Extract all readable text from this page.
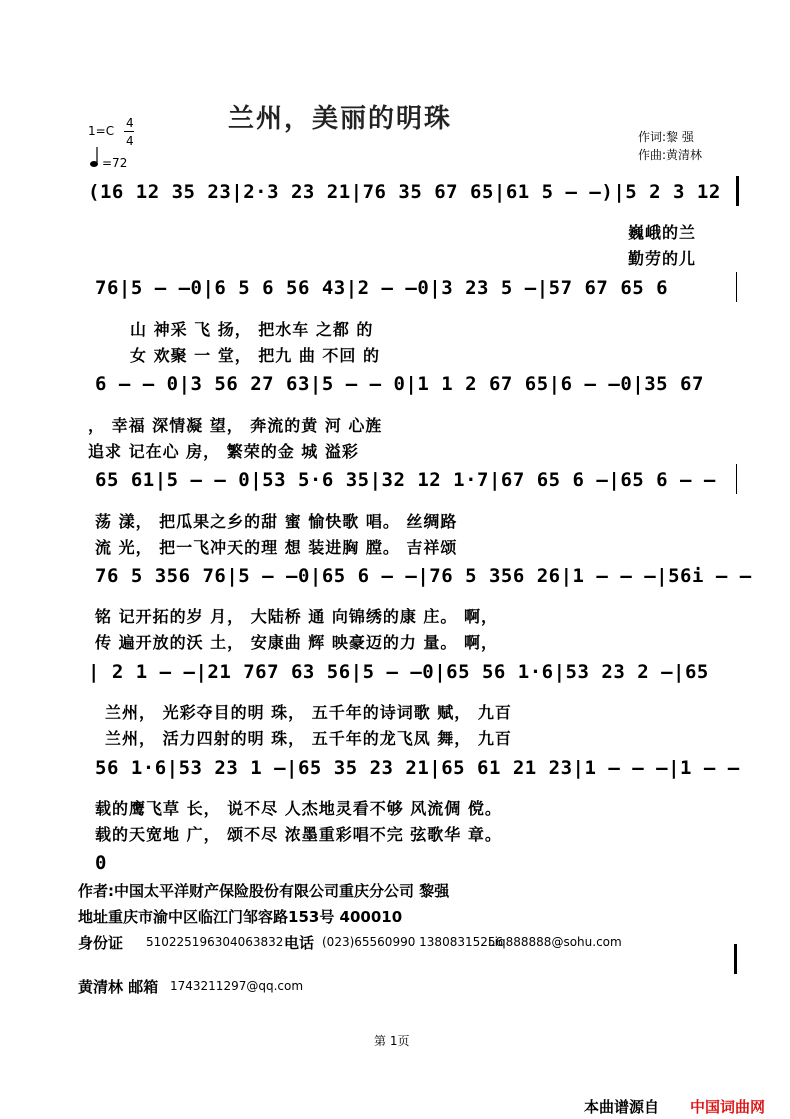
兰州，美丽的明珠
1=C
4
4
=72
作词:黎 强
作曲:黄清林
(16 12 35 23|2·3 23 21|76 35 67 65|61 5 — —)|5 2 3 12
巍峨的兰
勤劳的儿
76|5 — —0|6 5 6 56 43|2 — —0|3 23 5 —|57 67 65 6
山 神采 飞 扬， 把水车 之都 的
女 欢聚 一 堂， 把九 曲 不回 的
6 — — 0|3 56 27 63|5 — — 0|1 1 2 67 65|6 — —0|35 67
， 幸福 深情凝 望， 奔流的黄 河 心旌
追求 记在心 房， 繁荣的金 城 溢彩
65 61|5 — — 0|53 5·6 35|32 12 1·7|67 65 6 —|65 6 — —
荡 漾， 把瓜果之乡的甜 蜜 愉快歌 唱。 丝绸路
流 光， 把一飞冲天的理 想 装进胸 膛。 吉祥颂
76 5 356 76|5 — —0|65 6 — —|76 5 356 26|1 — — —|56i — —
铭 记开拓的岁 月， 大陆桥 通 向锦绣的康 庄。 啊，
传 遍开放的沃 土， 安康曲 辉 映豪迈的力 量。 啊，
| 2 1 — —|21 767 63 56|5 — —0|65 56 1·6|53 23 2 —|65
兰州， 光彩夺目的明 珠， 五千年的诗词歌 赋， 九百
兰州， 活力四射的明 珠， 五千年的龙飞凤 舞， 九百
56 1·6|53 23 1 —|65 35 23 21|65 61 21 23|1 — — —|1 — —
载的鹰飞草 长， 说不尽 人杰地灵看不够 风流倜 傥。
载的天宽地 广， 颂不尽 浓墨重彩唱不完 弦歌华 章。
0
作者:中国太平洋财产保险股份有限公司重庆分公司 黎强
地址重庆市渝中区临江门邹容路153号 400010
身份证 510225196304063832 电话 (023)65560990 13808315256
Liq888888@sohu.com
黄清林 邮箱 1743211297@qq.com
第 1页
本曲谱源自 中国词曲网
